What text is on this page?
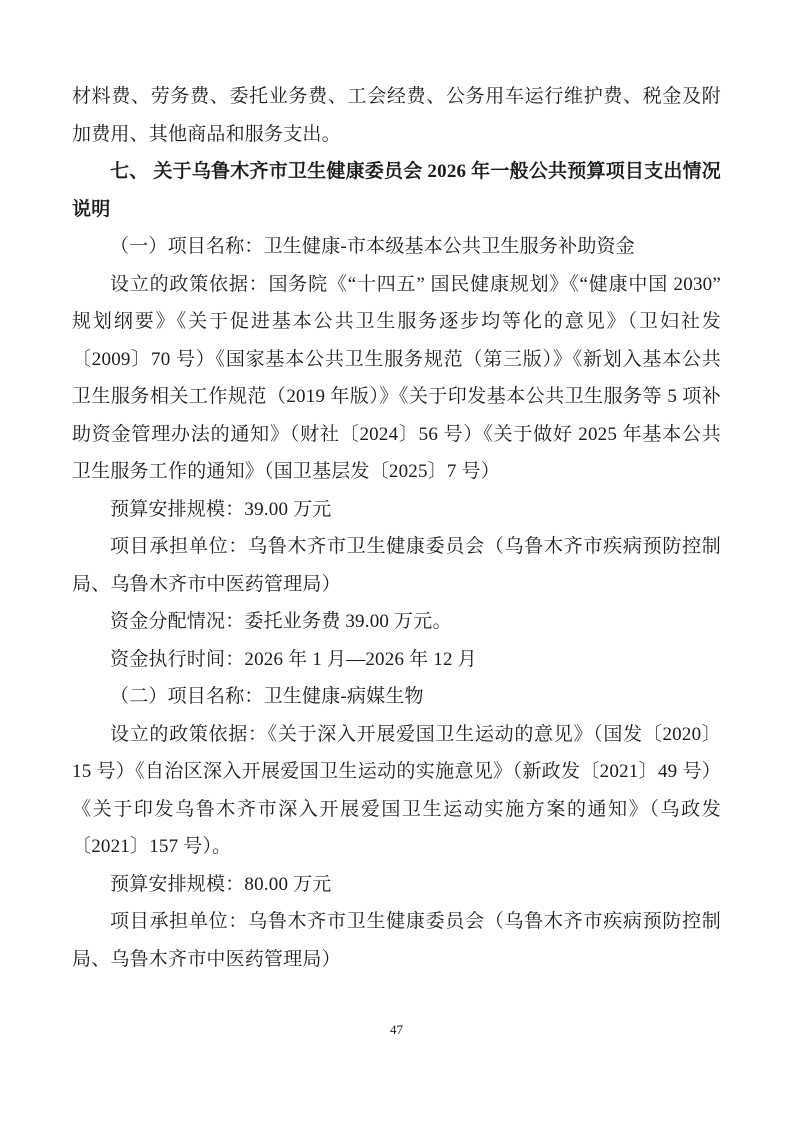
材料费、劳务费、委托业务费、工会经费、公务用车运行维护费、税金及附加费用、其他商品和服务支出。

七、 关于乌鲁木齐市卫生健康委员会 2026 年一般公共预算项目支出情况说明

（一）项目名称：卫生健康-市本级基本公共卫生服务补助资金

设立的政策依据：国务院《“十四五” 国民健康规划》《“健康中国 2030”规划纲要》《关于促进基本公共卫生服务逐步均等化的意见》（卫妇社发〔2009〕70 号）《国家基本公共卫生服务规范（第三版）》《新划入基本公共卫生服务相关工作规范（2019 年版）》《关于印发基本公共卫生服务等 5 项补助资金管理办法的通知》（财社〔2024〕56 号）《关于做好 2025 年基本公共卫生服务工作的通知》（国卫基层发〔2025〕7 号）

预算安排规模：39.00 万元

项目承担单位：乌鲁木齐市卫生健康委员会（乌鲁木齐市疾病预防控制局、乌鲁木齐市中医药管理局）

资金分配情况：委托业务费 39.00 万元。

资金执行时间：2026 年 1 月—2026 年 12 月

（二）项目名称：卫生健康-病媒生物

设立的政策依据：《关于深入开展爱国卫生运动的意见》（国发〔2020〕15 号）《自治区深入开展爱国卫生运动的实施意见》（新政发〔2021〕49 号）《关于印发乌鲁木齐市深入开展爱国卫生运动实施方案的通知》（乌政发〔2021〕157 号）。

预算安排规模：80.00 万元

项目承担单位：乌鲁木齐市卫生健康委员会（乌鲁木齐市疾病预防控制局、乌鲁木齐市中医药管理局）

47
